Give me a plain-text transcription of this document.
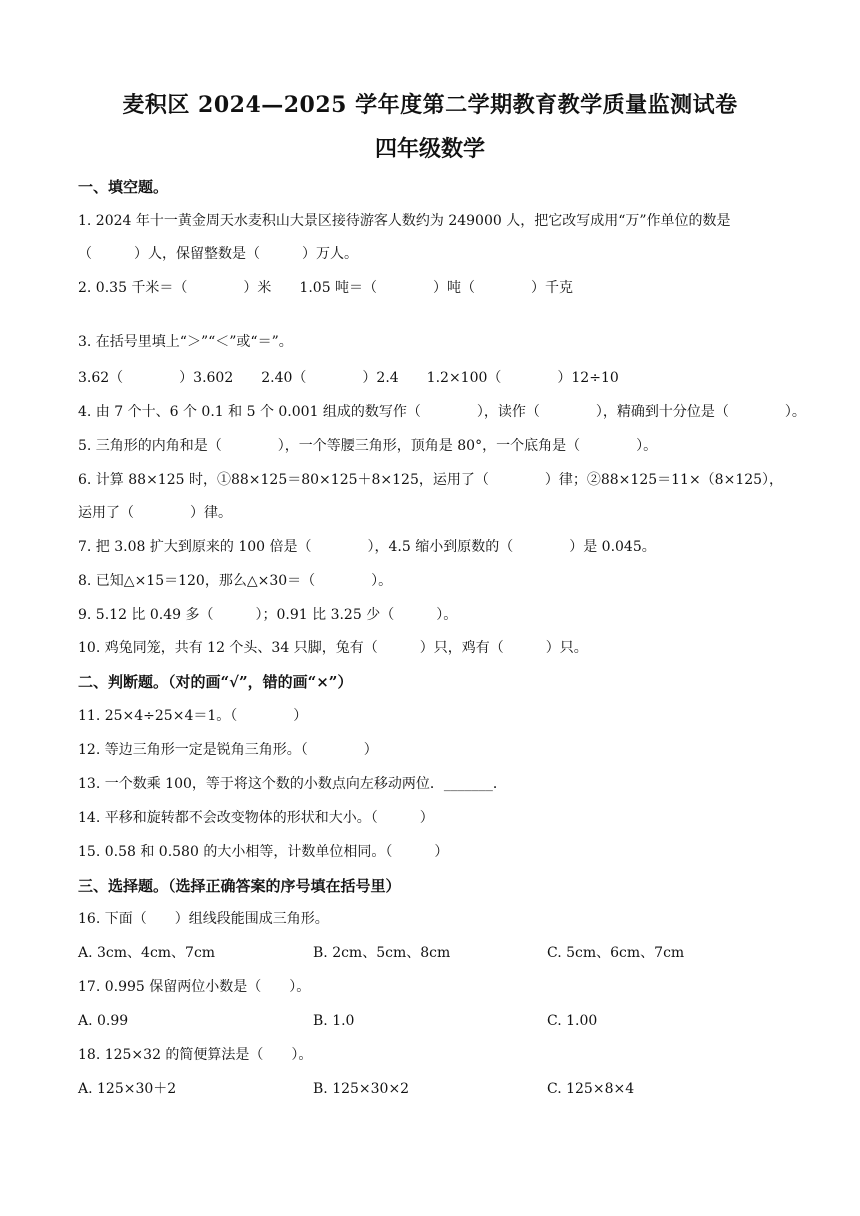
麦积区 2024—2025 学年度第二学期教育教学质量监测试卷
四年级数学
一、填空题。
1. 2024 年十一黄金周天水麦积山大景区接待游客人数约为 249000 人，把它改写成用“万”作单位的数是
（　　　）人，保留整数是（　　　）万人。
2. 0.35 千米＝（　　　　）米　　1.05 吨＝（　　　　）吨（　　　　）千克
3. 在括号里填上“＞”“＜”或“＝”。
3.62（　　　　）3.602　　2.40（　　　　）2.4　　1.2×100（　　　　）12÷10
4. 由 7 个十、6 个 0.1 和 5 个 0.001 组成的数写作（　　　　），读作（　　　　），精确到十分位是（　　　　）。
5. 三角形的内角和是（　　　　），一个等腰三角形，顶角是 80°，一个底角是（　　　　）。
6. 计算 88×125 时，①88×125＝80×125＋8×125，运用了（　　　　）律；②88×125＝11×（8×125），
运用了（　　　　）律。
7. 把 3.08 扩大到原来的 100 倍是（　　　　），4.5 缩小到原数的（　　　　）是 0.045。
8. 已知△×15＝120，那么△×30＝（　　　　）。
9. 5.12 比 0.49 多（　　　）；0.91 比 3.25 少（　　　）。
10. 鸡兔同笼，共有 12 个头、34 只脚，兔有（　　　）只，鸡有（　　　）只。
二、判断题。（对的画“√”，错的画“×”）
11. 25×4÷25×4＝1。（　　　　）
12. 等边三角形一定是锐角三角形。（　　　　）
13. 一个数乘 100，等于将这个数的小数点向左移动两位．_______．
14. 平移和旋转都不会改变物体的形状和大小。（　　　）
15. 0.58 和 0.580 的大小相等，计数单位相同。（　　　）
三、选择题。（选择正确答案的序号填在括号里）
16. 下面（　　）组线段能围成三角形。
A. 3cm、4cm、7cm	B. 2cm、5cm、8cm	C. 5cm、6cm、7cm
17. 0.995 保留两位小数是（　　）。
A. 0.99	B. 1.0	C. 1.00
18. 125×32 的简便算法是（　　）。
A. 125×30＋2	B. 125×30×2	C. 125×8×4
